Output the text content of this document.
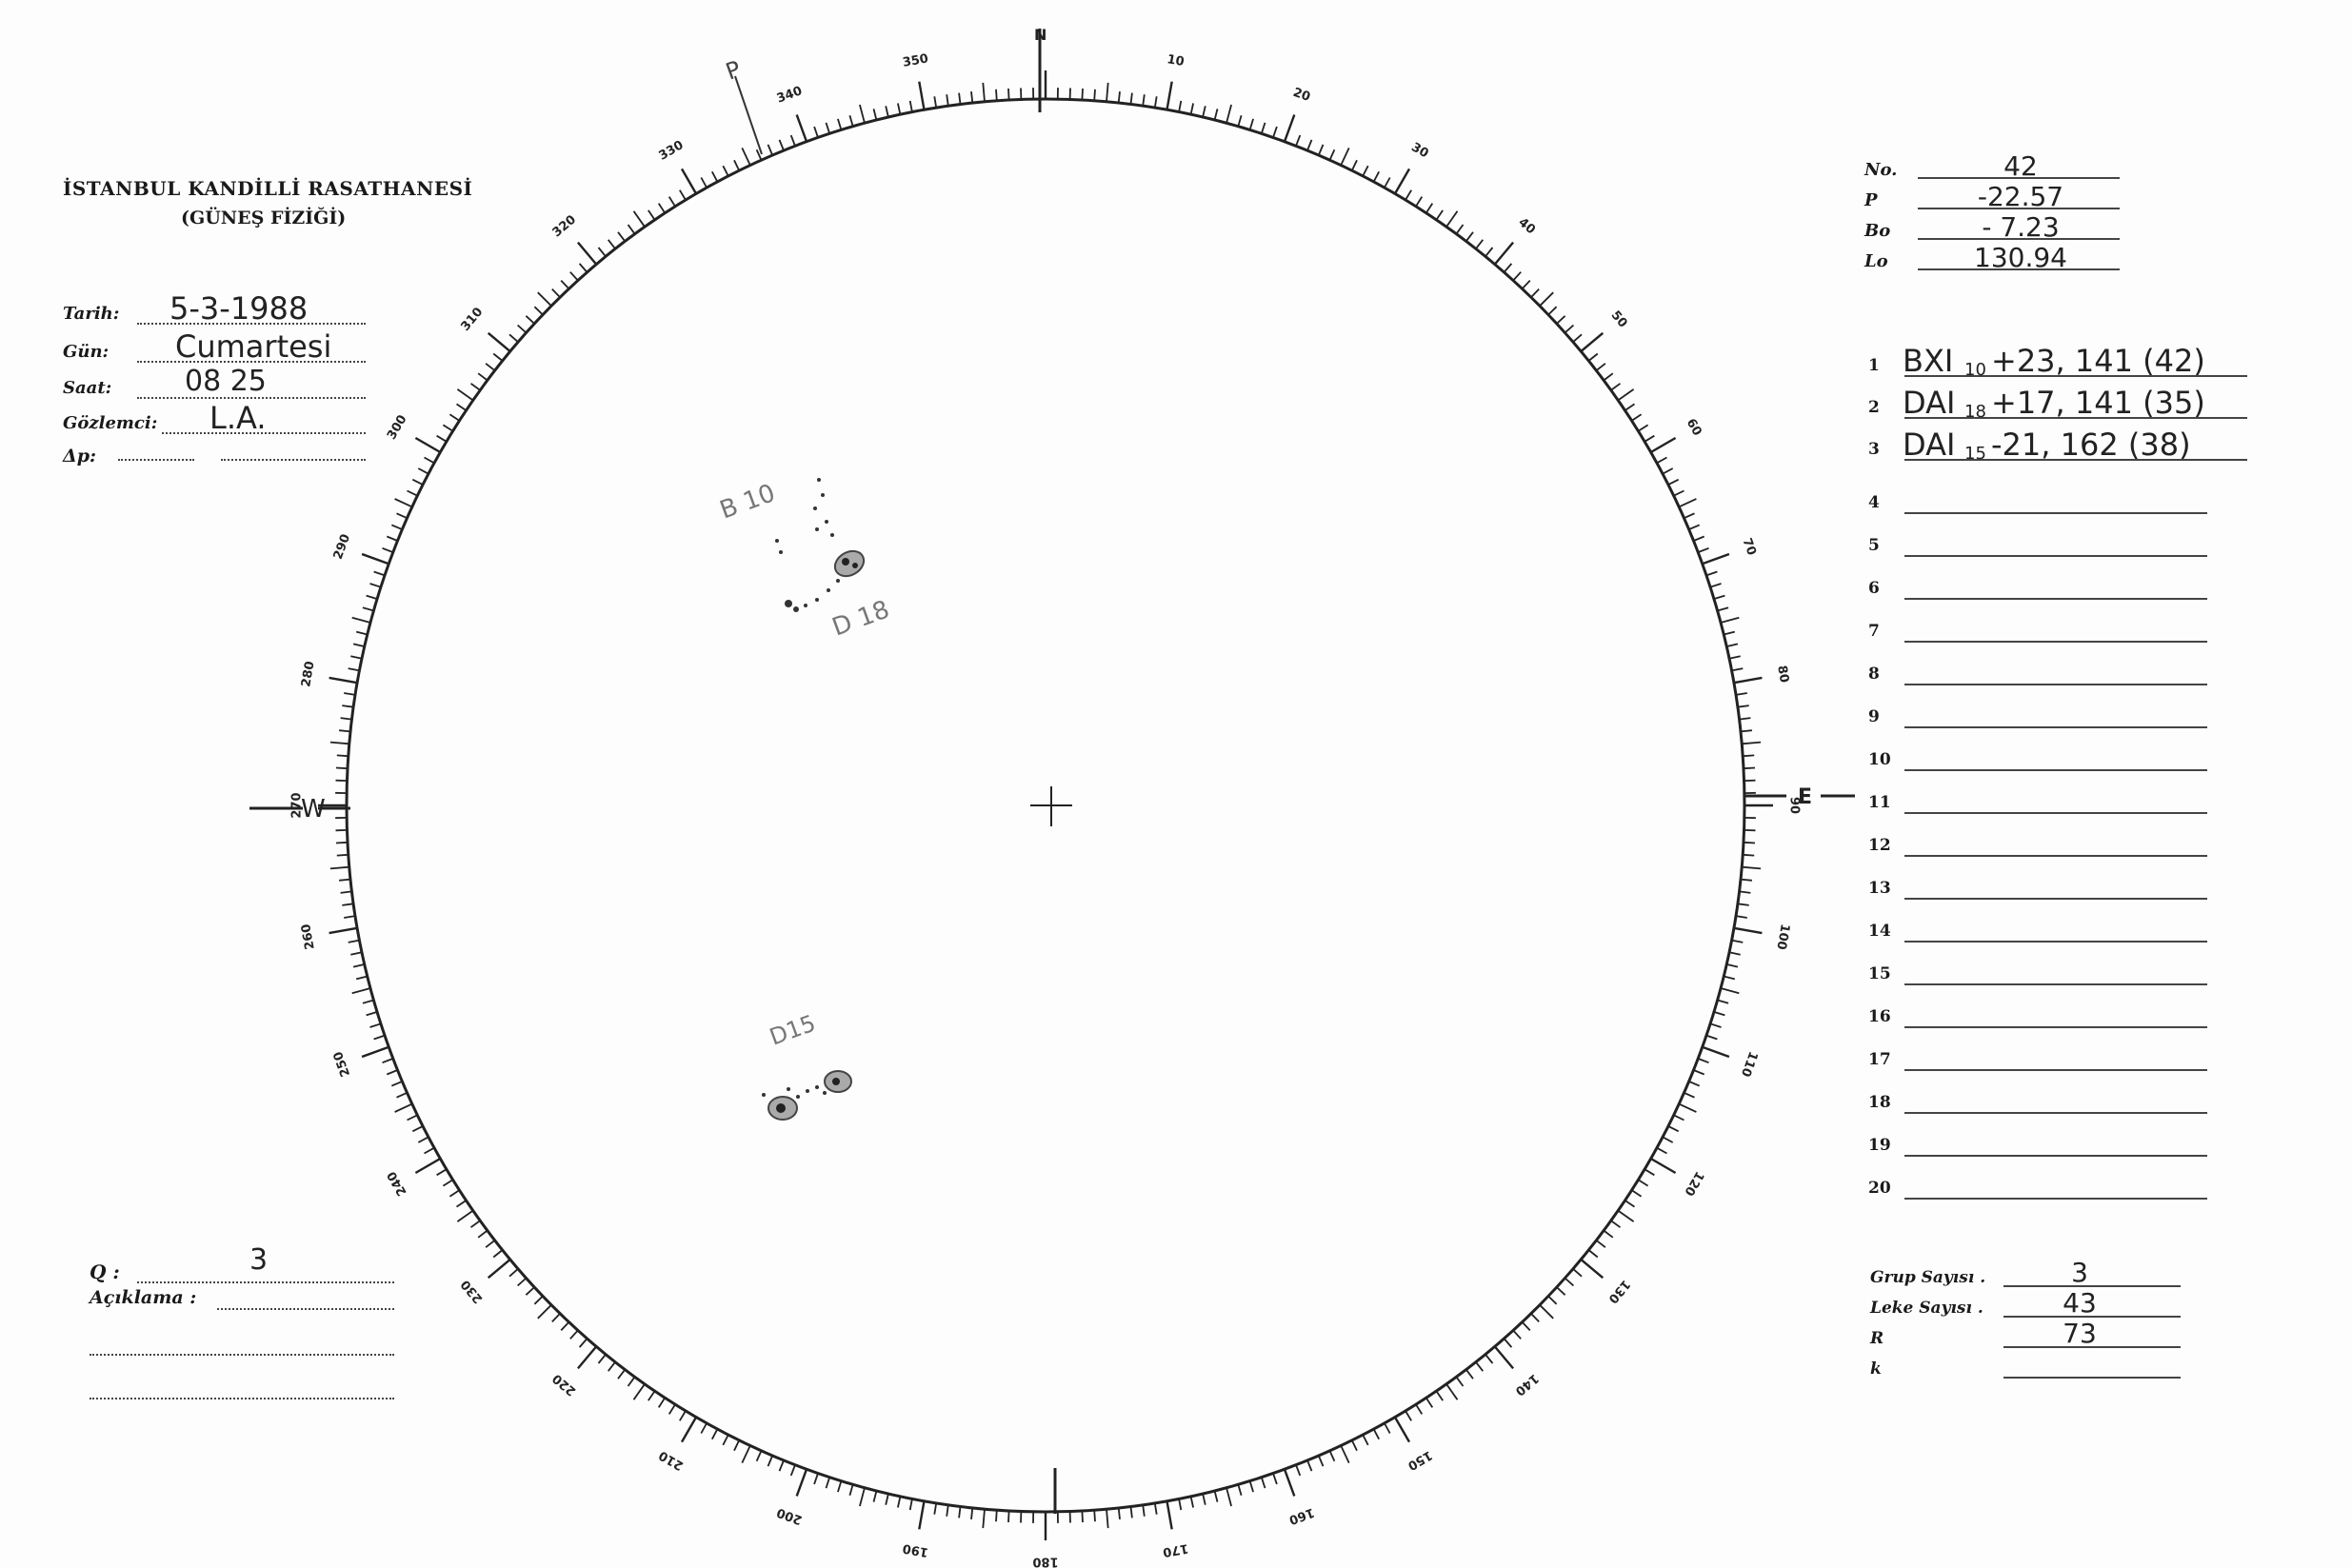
İSTANBUL KANDİLLİ RASATHANESİ
(GÜNEŞ FİZİĞİ)
Tarih: 5-3-1988
Gün: Cumartesi
Saat:	08 25
Gözlemci: L.A.
Δp:
10
20
30
40
50
60
70
80
90
100
110
120
130
140
150
160
170
180
190
200
210
220
230
240
250
260
270
280
290
300
310
320
330
340
350
N
E
W
P
B 10
D 18
D15
No.	42
P	-22.57
Bo	- 7.23
Lo	130.94
1 BXI 10 +23, 141 (42)
2 DAI 18 +17, 141 (35)
3 DAI 15 -21, 162 (38)
4
5
6
7
8
9
10
11
12
13
14
15
16
17
18
19
20
Grup Sayısı .	3
Leke Sayısı .	43
R	73
k
Q :	3
Açıklama :
